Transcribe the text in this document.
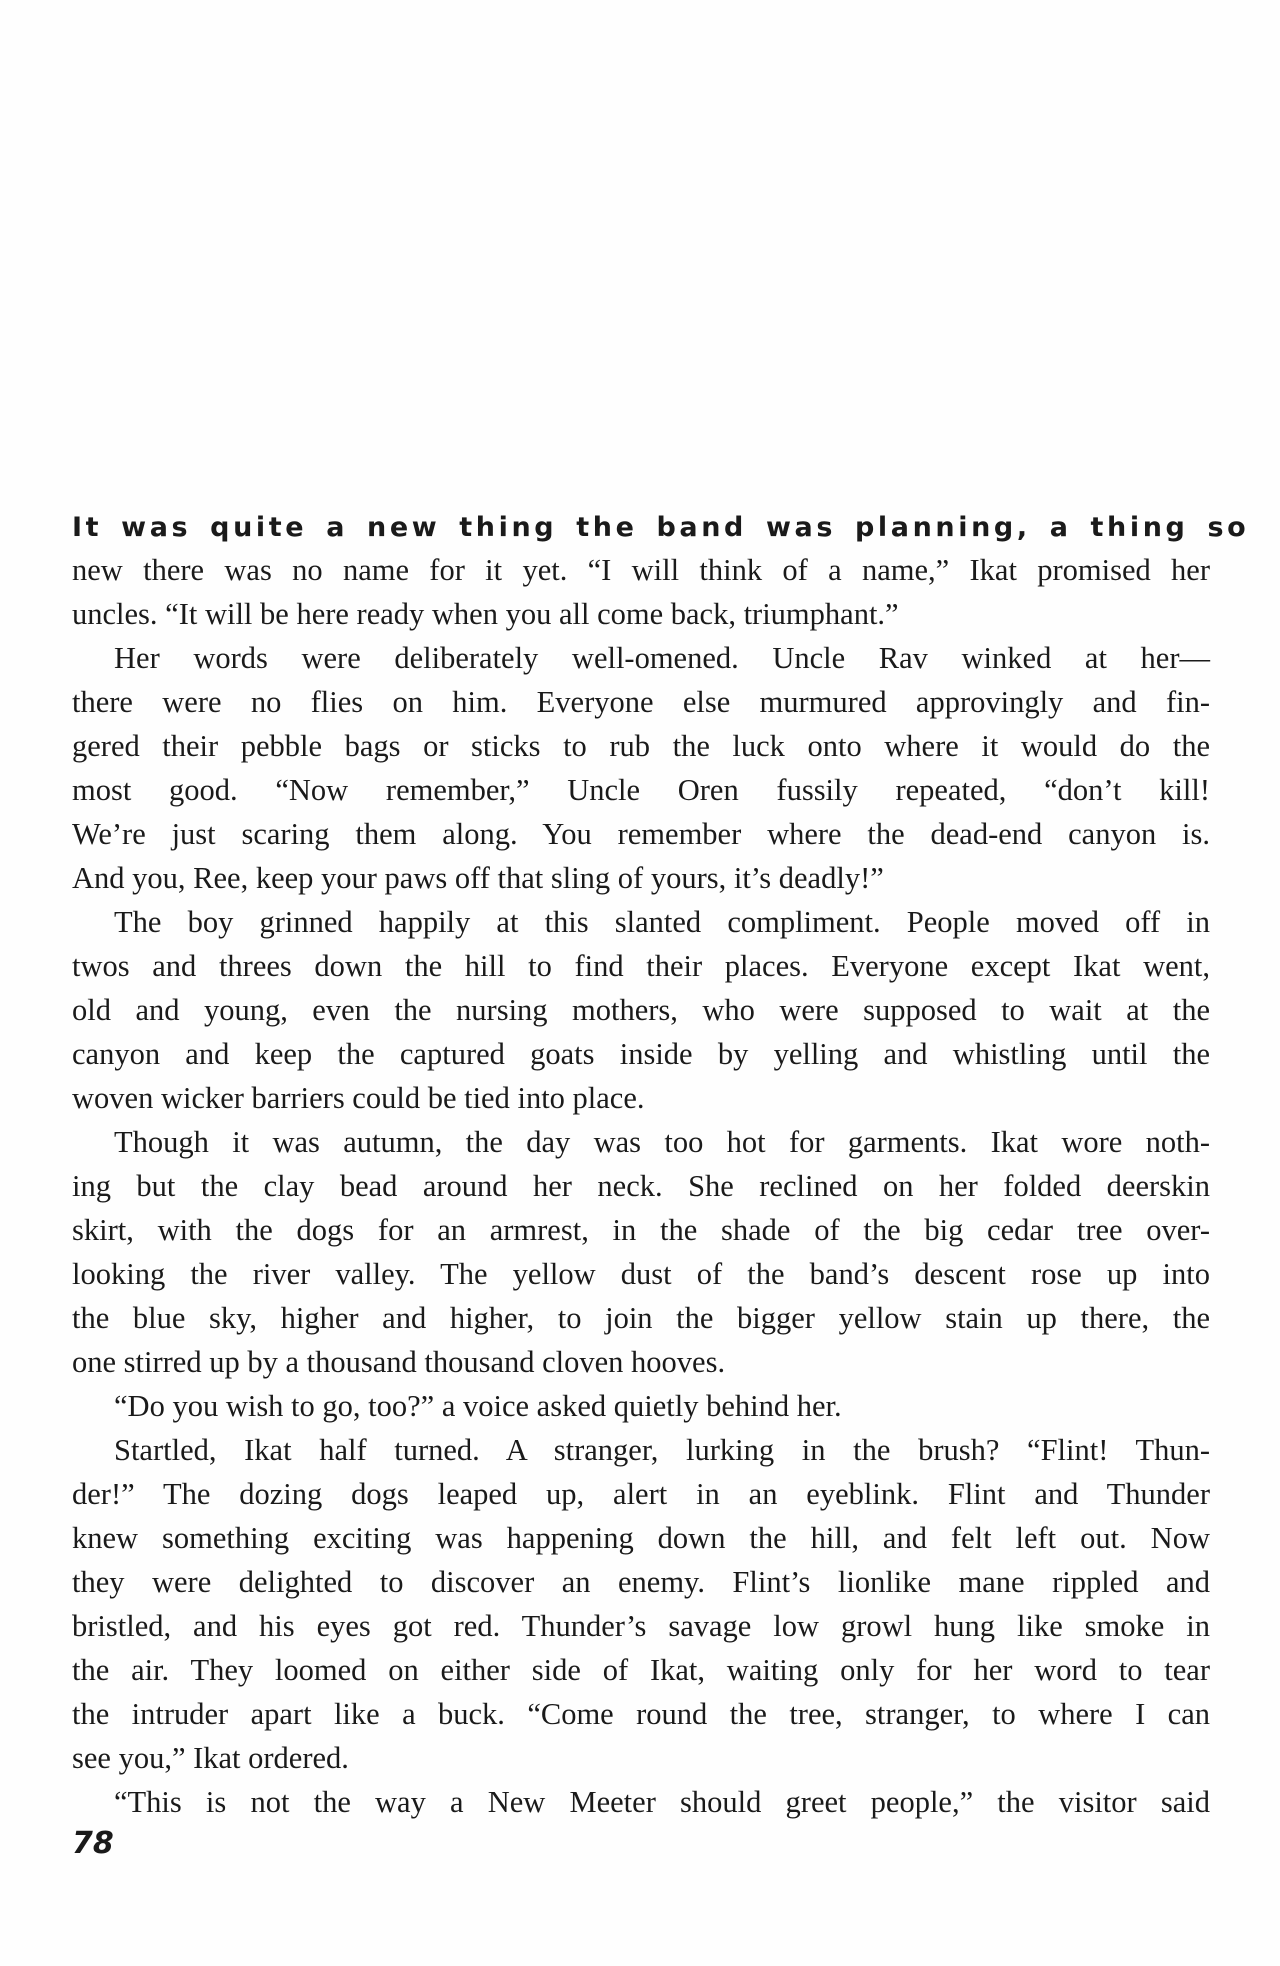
It was quite a new thing the band was planning, a thing so
new there was no name for it yet. “I will think of a name,” Ikat promised her
uncles. “It will be here ready when you all come back, triumphant.”
Her words were deliberately well-omened. Uncle Rav winked at her—
there were no flies on him. Everyone else murmured approvingly and fin-
gered their pebble bags or sticks to rub the luck onto where it would do the
most good. “Now remember,” Uncle Oren fussily repeated, “don’t kill!
We’re just scaring them along. You remember where the dead-end canyon is.
And you, Ree, keep your paws off that sling of yours, it’s deadly!”
The boy grinned happily at this slanted compliment. People moved off in
twos and threes down the hill to find their places. Everyone except Ikat went,
old and young, even the nursing mothers, who were supposed to wait at the
canyon and keep the captured goats inside by yelling and whistling until the
woven wicker barriers could be tied into place.
Though it was autumn, the day was too hot for garments. Ikat wore noth-
ing but the clay bead around her neck. She reclined on her folded deerskin
skirt, with the dogs for an armrest, in the shade of the big cedar tree over-
looking the river valley. The yellow dust of the band’s descent rose up into
the blue sky, higher and higher, to join the bigger yellow stain up there, the
one stirred up by a thousand thousand cloven hooves.
“Do you wish to go, too?” a voice asked quietly behind her.
Startled, Ikat half turned. A stranger, lurking in the brush? “Flint! Thun-
der!” The dozing dogs leaped up, alert in an eyeblink. Flint and Thunder
knew something exciting was happening down the hill, and felt left out. Now
they were delighted to discover an enemy. Flint’s lionlike mane rippled and
bristled, and his eyes got red. Thunder’s savage low growl hung like smoke in
the air. They loomed on either side of Ikat, waiting only for her word to tear
the intruder apart like a buck. “Come round the tree, stranger, to where I can
see you,” Ikat ordered.
“This is not the way a New Meeter should greet people,” the visitor said
78
